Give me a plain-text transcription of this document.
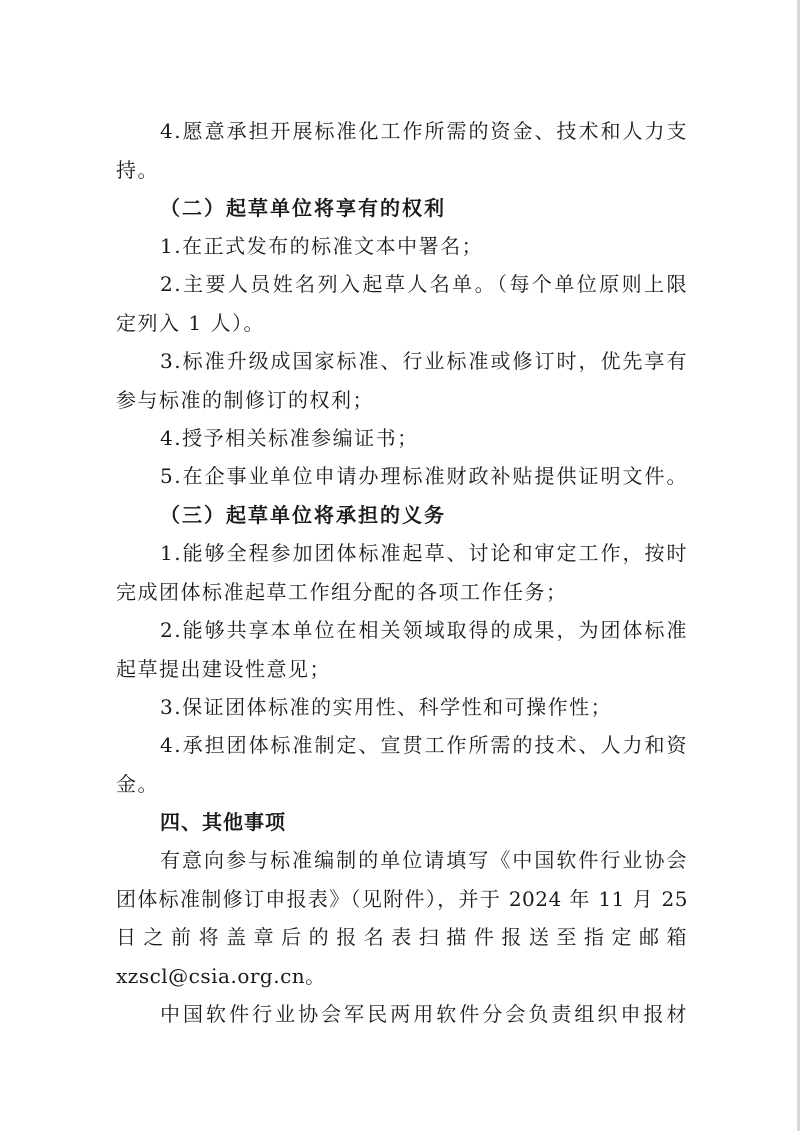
4.愿意承担开展标准化工作所需的资金、技术和人力支
持。
（二）起草单位将享有的权利
1.在正式发布的标准文本中署名；
2.主要人员姓名列入起草人名单。（每个单位原则上限
定列入 1 人）。
3.标准升级成国家标准、行业标准或修订时，优先享有
参与标准的制修订的权利；
4.授予相关标准参编证书；
5.在企事业单位申请办理标准财政补贴提供证明文件。
（三）起草单位将承担的义务
1.能够全程参加团体标准起草、讨论和审定工作，按时
完成团体标准起草工作组分配的各项工作任务；
2.能够共享本单位在相关领域取得的成果，为团体标准
起草提出建设性意见；
3.保证团体标准的实用性、科学性和可操作性；
4.承担团体标准制定、宣贯工作所需的技术、人力和资
金。
四、其他事项
有意向参与标准编制的单位请填写《中国软件行业协会
团体标准制修订申报表》（见附件），并于 2024 年 11 月 25
日之前将盖章后的报名表扫描件报送至指定邮箱
xzscl@csia.org.cn。
中国软件行业协会军民两用软件分会负责组织申报材
